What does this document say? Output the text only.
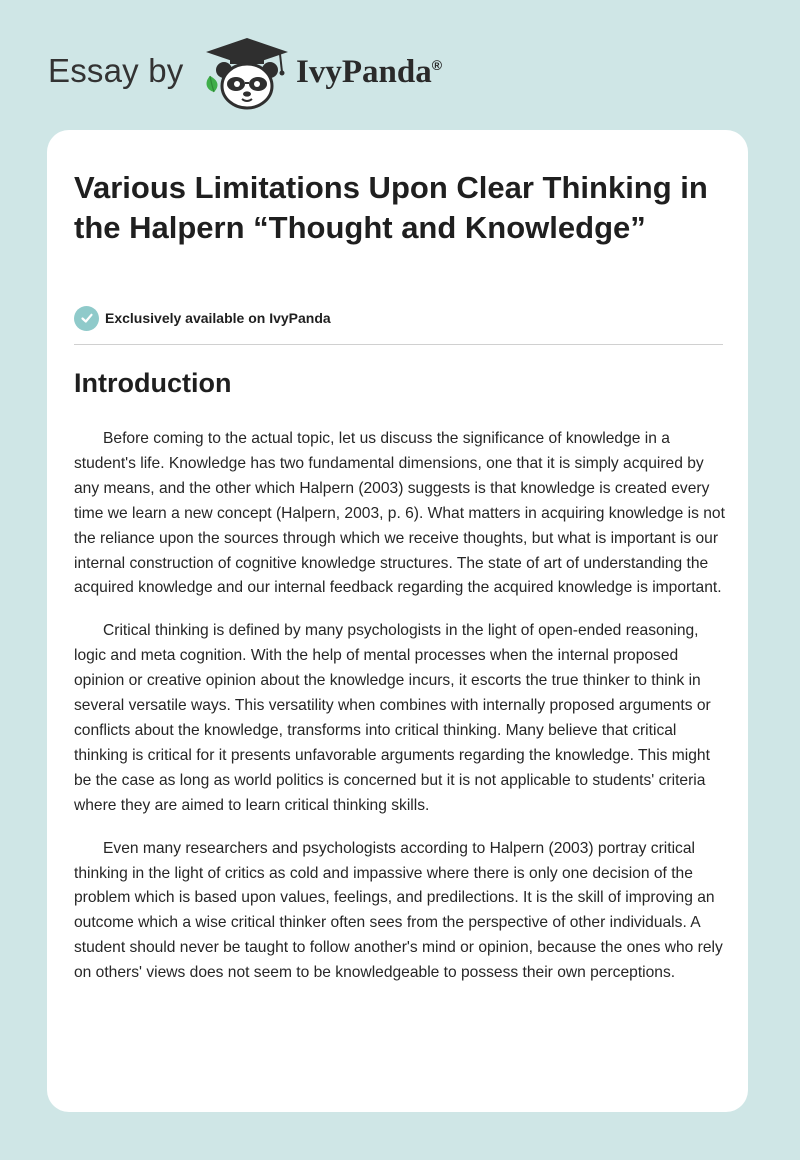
Essay by	IvyPanda®
Various Limitations Upon Clear Thinking in the Halpern “Thought and Knowledge”
Exclusively available on IvyPanda
Introduction

Before coming to the actual topic, let us discuss the significance of knowledge in a student's life. Knowledge has two fundamental dimensions, one that it is simply acquired by any means, and the other which Halpern (2003) suggests is that knowledge is created every time we learn a new concept (Halpern, 2003, p. 6). What matters in acquiring knowledge is not the reliance upon the sources through which we receive thoughts, but what is important is our internal construction of cognitive knowledge structures. The state of art of understanding the acquired knowledge and our internal feedback regarding the acquired knowledge is important.

Critical thinking is defined by many psychologists in the light of open-ended reasoning, logic and meta cognition. With the help of mental processes when the internal proposed opinion or creative opinion about the knowledge incurs, it escorts the true thinker to think in several versatile ways. This versatility when combines with internally proposed arguments or conflicts about the knowledge, transforms into critical thinking. Many believe that critical thinking is critical for it presents unfavorable arguments regarding the knowledge. This might be the case as long as world politics is concerned but it is not applicable to students' criteria where they are aimed to learn critical thinking skills.

Even many researchers and psychologists according to Halpern (2003) portray critical thinking in the light of critics as cold and impassive where there is only one decision of the problem which is based upon values, feelings, and predilections. It is the skill of improving an outcome which a wise critical thinker often sees from the perspective of other individuals. A student should never be taught to follow another's mind or opinion, because the ones who rely on others' views does not seem to be knowledgeable to possess their own perceptions.
